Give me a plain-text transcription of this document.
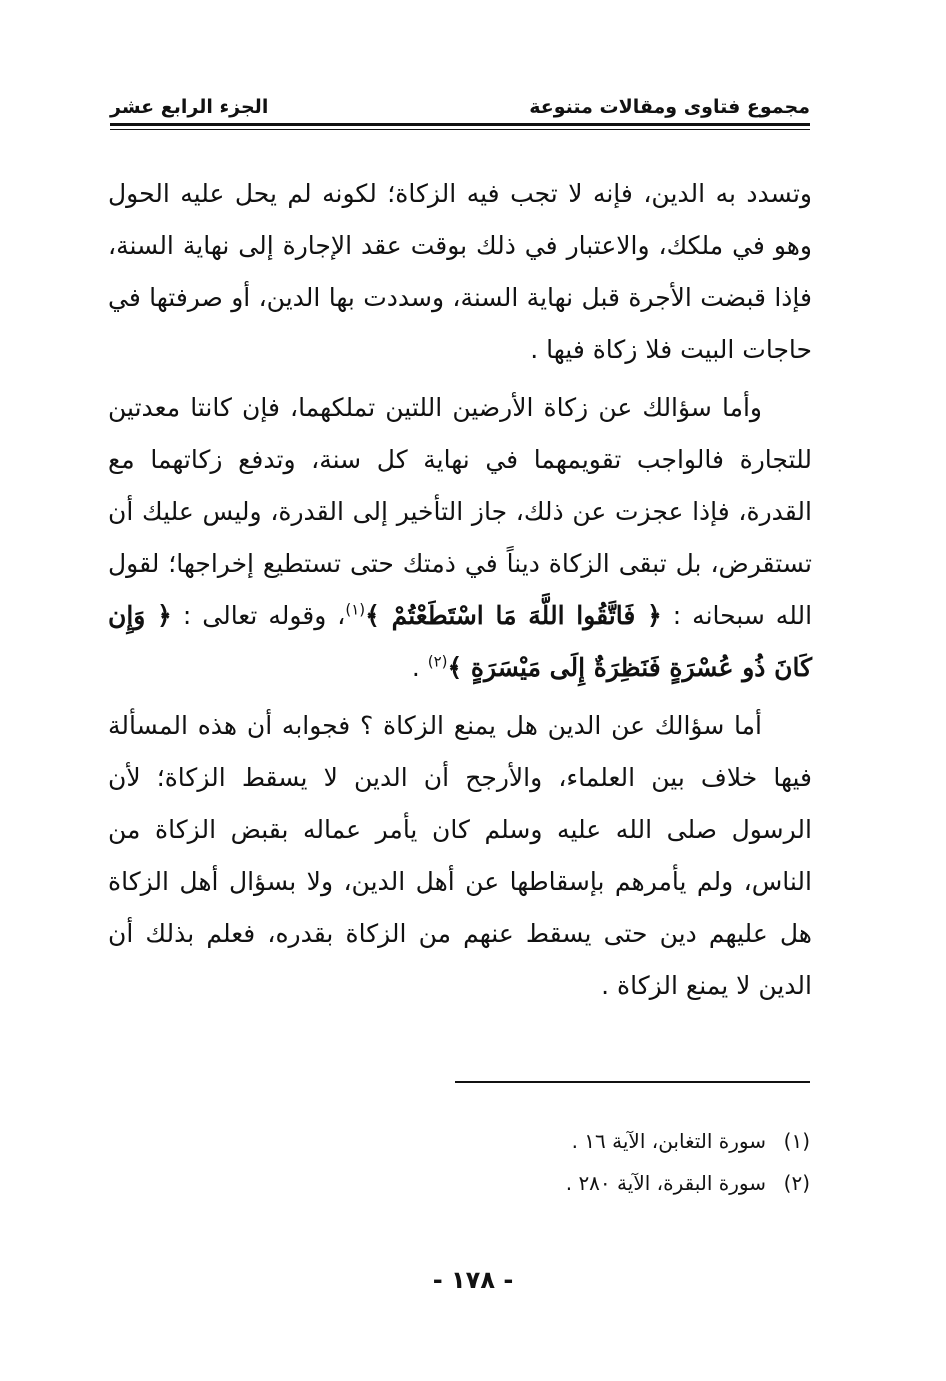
مجموع فتاوى ومقالات متنوعة
الجزء الرابع عشر

وتسدد به الدين، فإنه لا تجب فيه الزكاة؛ لكونه لم يحل عليه الحول وهو في ملكك، والاعتبار في ذلك بوقت عقد الإجارة إلى نهاية السنة، فإذا قبضت الأجرة قبل نهاية السنة، وسددت بها الدين، أو صرفتها في حاجات البيت فلا زكاة فيها .

وأما سؤالك عن زكاة الأرضين اللتين تملكهما، فإن كانتا معدتين للتجارة فالواجب تقويمهما في نهاية كل سنة، وتدفع زكاتهما مع القدرة، فإذا عجزت عن ذلك، جاز التأخير إلى القدرة، وليس عليك أن تستقرض، بل تبقى الزكاة ديناً في ذمتك حتى تستطيع إخراجها؛ لقول الله سبحانه : ﴿ فَاتَّقُوا اللَّهَ مَا اسْتَطَعْتُمْ ﴾$^{(١)}$، وقوله تعالى : ﴿ وَإِن كَانَ ذُو عُسْرَةٍ فَنَظِرَةٌ إِلَى مَيْسَرَةٍ ﴾$^{(٢)}$ .

أما سؤالك عن الدين هل يمنع الزكاة ؟ فجوابه أن هذه المسألة فيها خلاف بين العلماء، والأرجح أن الدين لا يسقط الزكاة؛ لأن الرسول صلى الله عليه وسلم كان يأمر عماله بقبض الزكاة من الناس، ولم يأمرهم بإسقاطها عن أهل الدين، ولا بسؤال أهل الزكاة هل عليهم دين حتى يسقط عنهم من الزكاة بقدره، فعلم بذلك أن الدين لا يمنع الزكاة .

(١)
سورة التغابن، الآية ١٦ .
(٢)
سورة البقرة، الآية ٢٨٠ .
- ١٧٨ -
